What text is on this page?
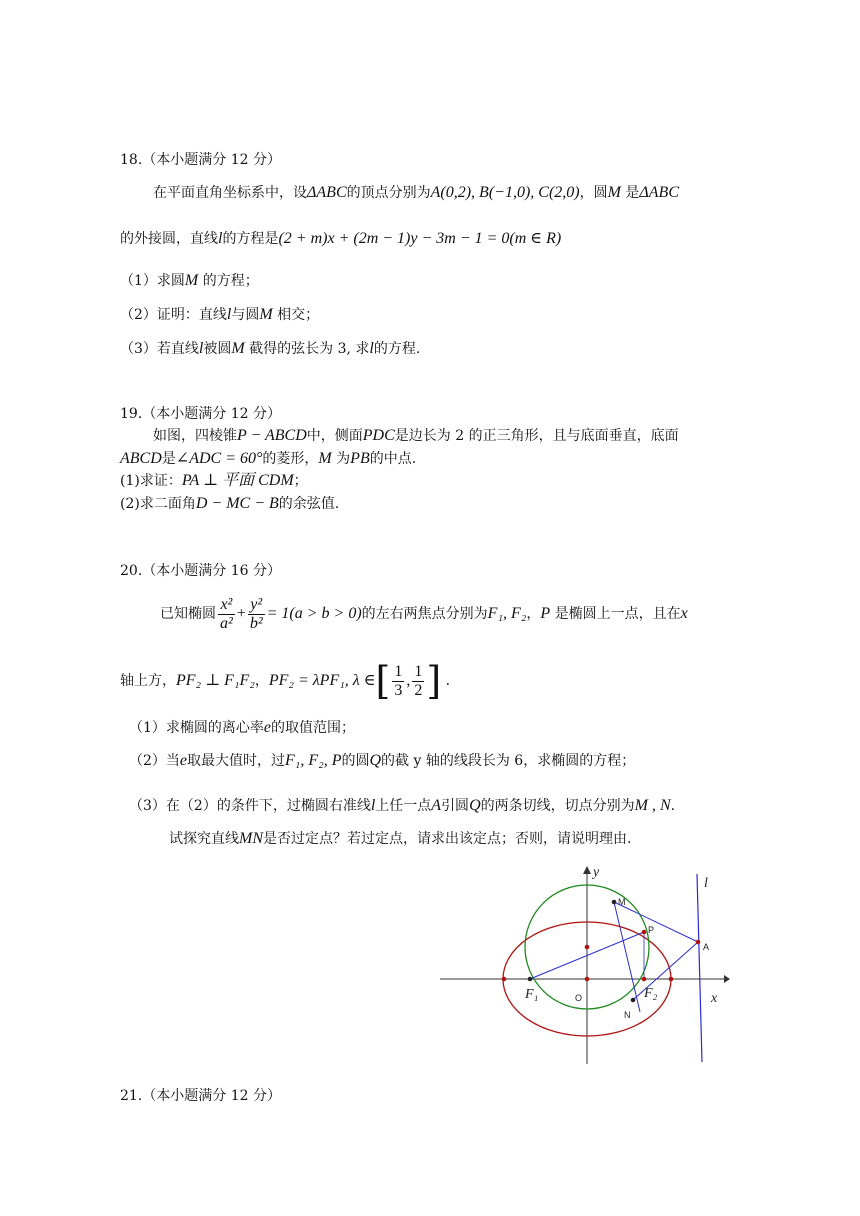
18.（本小题满分 12 分）
在平面直角坐标系中，设ΔABC的顶点分别为A(0,2), B(−1,0), C(2,0)，圆M 是ΔABC
的外接圆，直线l的方程是(2 + m)x + (2m − 1)y − 3m − 1 = 0(m ∈ R)
（1）求圆M 的方程；
（2）证明：直线l与圆M 相交；
（3）若直线l被圆M 截得的弦长为 3, 求l的方程.
19.（本小题满分 12 分）
如图，四棱锥P − ABCD中，侧面PDC是边长为 2 的正三角形，且与底面垂直，底面
ABCD是∠ADC = 60°的菱形，M 为PB的中点.
(1)求证：PA ⊥ 平面 CDM；
(2)求二面角D − MC − B的余弦值.
20.（本小题满分 16 分）
已知椭圆 $\frac{\text{x²}}{\text{a²}} + \frac{\text{y²}}{\text{b²}} = 1(a > b > 0)$的左右两焦点分别为F₁, F₂，P 是椭圆上一点，且在x
轴上方，PF₂ ⊥ F₁F₂，PF₂ = λPF₁, λ ∈[ $\frac{1}{3}$ , $\frac{1}{2}$ ] .
（1）求椭圆的离心率e的取值范围；
（2）当e取最大值时，过F₁, F₂, P的圆Q的截 y 轴的线段长为 6，求椭圆的方程；
（3）在（2）的条件下，过椭圆右准线l上任一点A引圆Q的两条切线，切点分别为M , N.
试探究直线MN是否过定点？若过定点，请求出该定点；否则，请说明理由.
y
l
M
P
A
x
F₁	O	F₂
N
21.（本小题满分 12 分）
